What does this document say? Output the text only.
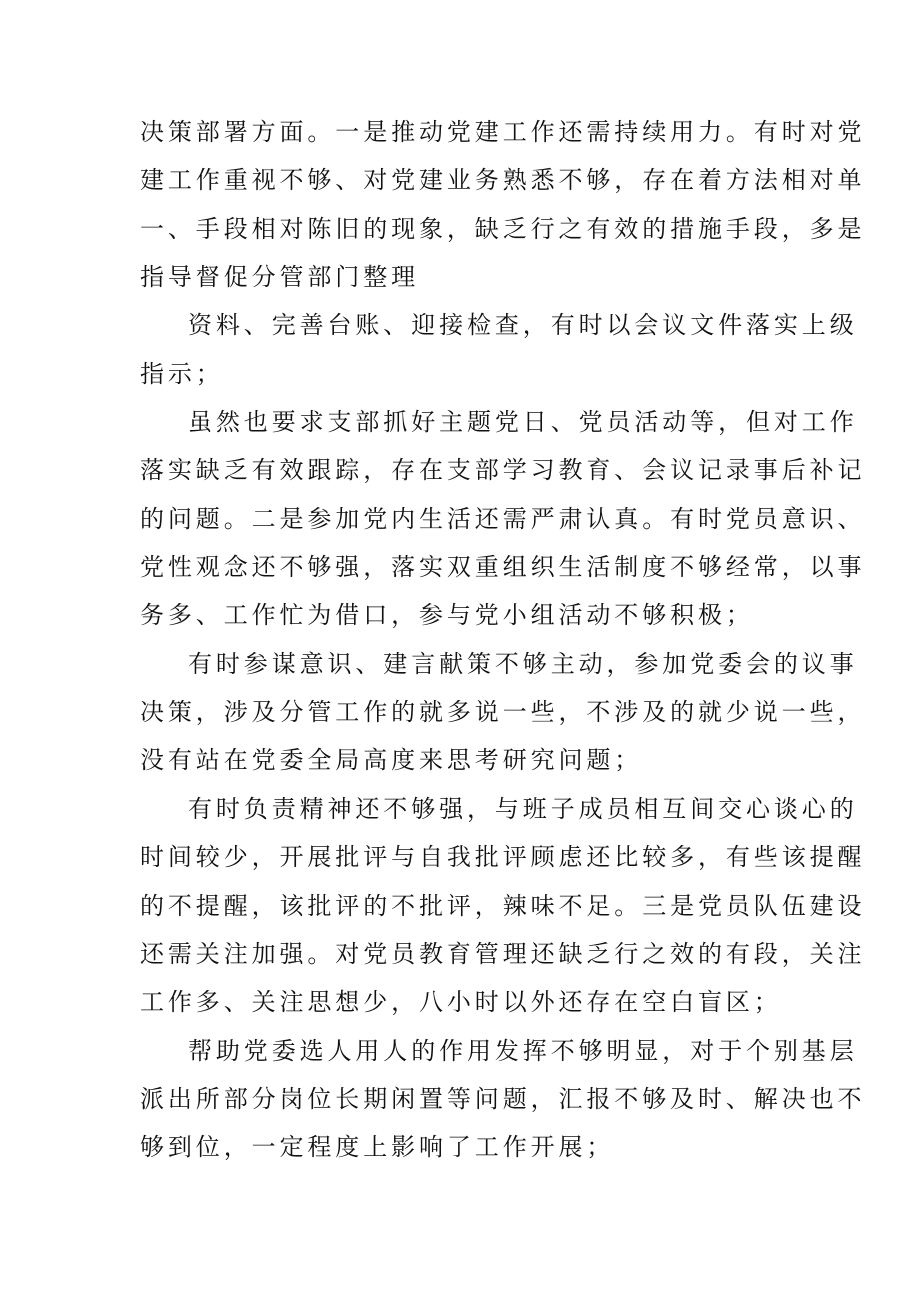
决策部署方面。一是推动党建工作还需持续用力。有时对党
建工作重视不够、对党建业务熟悉不够，存在着方法相对单
一、手段相对陈旧的现象，缺乏行之有效的措施手段，多是
指导督促分管部门整理
资料、完善台账、迎接检查，有时以会议文件落实上级
指示；
虽然也要求支部抓好主题党日、党员活动等，但对工作
落实缺乏有效跟踪，存在支部学习教育、会议记录事后补记
的问题。二是参加党内生活还需严肃认真。有时党员意识、
党性观念还不够强，落实双重组织生活制度不够经常，以事
务多、工作忙为借口，参与党小组活动不够积极；
有时参谋意识、建言献策不够主动，参加党委会的议事
决策，涉及分管工作的就多说一些，不涉及的就少说一些，
没有站在党委全局高度来思考研究问题；
有时负责精神还不够强，与班子成员相互间交心谈心的
时间较少，开展批评与自我批评顾虑还比较多，有些该提醒
的不提醒，该批评的不批评，辣味不足。三是党员队伍建设
还需关注加强。对党员教育管理还缺乏行之效的有段，关注
工作多、关注思想少，八小时以外还存在空白盲区；
帮助党委选人用人的作用发挥不够明显，对于个别基层
派出所部分岗位长期闲置等问题，汇报不够及时、解决也不
够到位，一定程度上影响了工作开展；
